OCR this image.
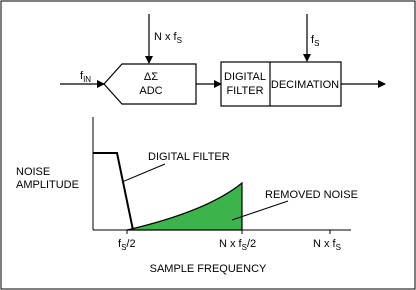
$f_{IN}$	ΔΣ
ADC
N x $f_S$
DIGITAL
FILTER DECIMATION
$f_S$
$f_S/2$	N x $f_S/2$	N x $f_S$
NOISE
AMPLITUDE
SAMPLE FREQUENCY
DIGITAL FILTER
REMOVED NOISE
